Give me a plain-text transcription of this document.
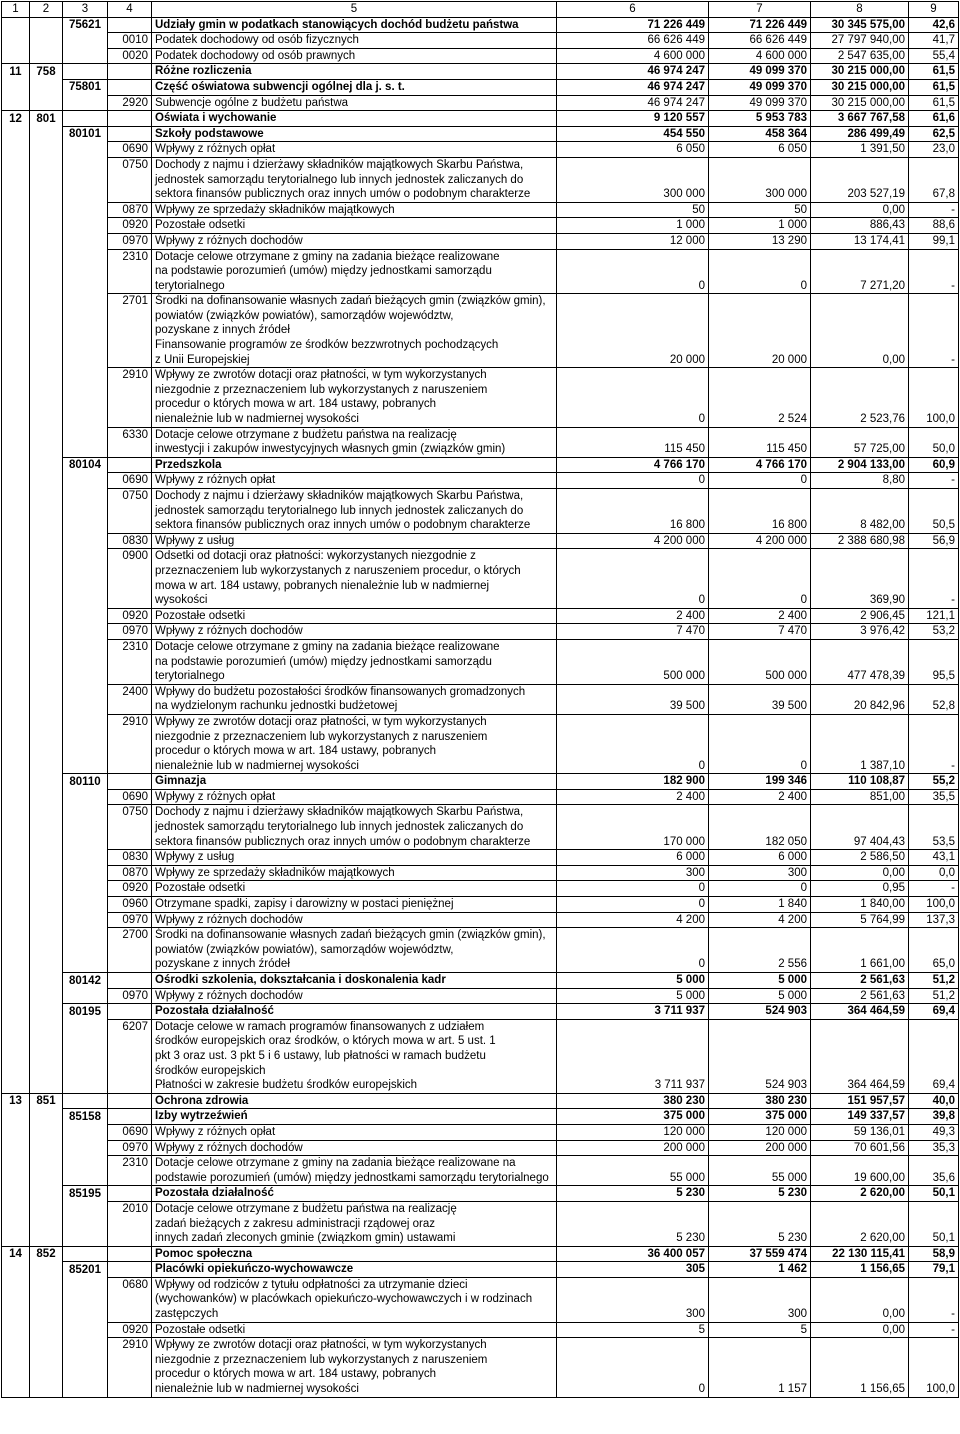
1	2	3	4	5	6	7	8	9
		75621		Udziały gmin w podatkach stanowiących dochód budżetu państwa	71 226 449	71 226 449	30 345 575,00	42,6
			0010	Podatek dochodowy od osób fizycznych	66 626 449	66 626 449	27 797 940,00	41,7
			0020	Podatek dochodowy od osób prawnych	4 600 000	4 600 000	2 547 635,00	55,4
11	758			Różne rozliczenia	46 974 247	49 099 370	30 215 000,00	61,5
		75801		Część oświatowa subwencji ogólnej dla j. s. t.	46 974 247	49 099 370	30 215 000,00	61,5
			2920	Subwencje ogólne z budżetu państwa	46 974 247	49 099 370	30 215 000,00	61,5
12	801			Oświata i wychowanie	9 120 557	5 953 783	3 667 767,58	61,6
		80101		Szkoły podstawowe	454 550	458 364	286 499,49	62,5
			0690	Wpływy z różnych opłat	6 050	6 050	1 391,50	23,0
			0750	Dochody z najmu i dzierżawy składników majątkowych Skarbu Państwa,				
				jednostek samorządu terytorialnego lub innych jednostek zaliczanych do				
				sektora finansów publicznych oraz innych umów o podobnym charakterze	300 000	300 000	203 527,19	67,8
			0870	Wpływy ze sprzedaży składników majątkowych	50	50	0,00	-
			0920	Pozostałe odsetki	1 000	1 000	886,43	88,6
			0970	Wpływy z różnych dochodów	12 000	13 290	13 174,41	99,1
			2310	Dotacje celowe otrzymane z gminy na zadania bieżące realizowane				
				na podstawie porozumień (umów) między jednostkami samorządu				
				terytorialnego	0	0	7 271,20	-
			2701	Środki na dofinansowanie własnych zadań bieżących gmin (związków gmin),				
				powiatów (związków powiatów), samorządów województw,				
				pozyskane z innych źródeł				
				Finansowanie programów ze środków bezzwrotnych pochodzących				
				z Unii Europejskiej	20 000	20 000	0,00	-
			2910	Wpływy ze zwrotów dotacji oraz płatności, w tym wykorzystanych				
				niezgodnie z przeznaczeniem lub wykorzystanych z naruszeniem				
				procedur o których mowa w art. 184 ustawy, pobranych				
				nienależnie lub w nadmiernej wysokości	0	2 524	2 523,76	100,0
			6330	Dotacje celowe otrzymane z budżetu państwa na realizację				
				inwestycji i zakupów inwestycyjnych własnych gmin (związków gmin)	115 450	115 450	57 725,00	50,0
		80104		Przedszkola	4 766 170	4 766 170	2 904 133,00	60,9
			0690	Wpływy z różnych opłat	0	0	8,80	-
			0750	Dochody z najmu i dzierżawy składników majątkowych Skarbu Państwa,				
				jednostek samorządu terytorialnego lub innych jednostek zaliczanych do				
				sektora finansów publicznych oraz innych umów o podobnym charakterze	16 800	16 800	8 482,00	50,5
			0830	Wpływy z usług	4 200 000	4 200 000	2 388 680,98	56,9
			0900	Odsetki od dotacji oraz płatności: wykorzystanych niezgodnie z				
				przeznaczeniem lub wykorzystanych z naruszeniem procedur, o których				
				mowa w art. 184 ustawy, pobranych nienależnie lub w nadmiernej				
				wysokości	0	0	369,90	-
			0920	Pozostałe odsetki	2 400	2 400	2 906,45	121,1
			0970	Wpływy z różnych dochodów	7 470	7 470	3 976,42	53,2
			2310	Dotacje celowe otrzymane z gminy na zadania bieżące realizowane				
				na podstawie porozumień (umów) między jednostkami samorządu				
				terytorialnego	500 000	500 000	477 478,39	95,5
			2400	Wpływy do budżetu pozostałości środków finansowanych gromadzonych				
				na wydzielonym rachunku jednostki budżetowej	39 500	39 500	20 842,96	52,8
			2910	Wpływy ze zwrotów dotacji oraz płatności, w tym wykorzystanych				
				niezgodnie z przeznaczeniem lub wykorzystanych z naruszeniem				
				procedur o których mowa w art. 184 ustawy, pobranych				
				nienależnie lub w nadmiernej wysokości	0	0	1 387,10	-
		80110		Gimnazja	182 900	199 346	110 108,87	55,2
			0690	Wpływy z różnych opłat	2 400	2 400	851,00	35,5
			0750	Dochody z najmu i dzierżawy składników majątkowych Skarbu Państwa,				
				jednostek samorządu terytorialnego lub innych jednostek zaliczanych do				
				sektora finansów publicznych oraz innych umów o podobnym charakterze	170 000	182 050	97 404,43	53,5
			0830	Wpływy z usług	6 000	6 000	2 586,50	43,1
			0870	Wpływy ze sprzedaży składników majątkowych	300	300	0,00	0,0
			0920	Pozostałe odsetki	0	0	0,95	-
			0960	Otrzymane spadki, zapisy i darowizny w postaci pieniężnej	0	1 840	1 840,00	100,0
			0970	Wpływy z różnych dochodów	4 200	4 200	5 764,99	137,3
			2700	Środki na dofinansowanie własnych zadań bieżących gmin (związków gmin),				
				powiatów (związków powiatów), samorządów województw,				
				pozyskane z innych źródeł	0	2 556	1 661,00	65,0
		80142		Ośrodki szkolenia, dokształcania i doskonalenia kadr	5 000	5 000	2 561,63	51,2
			0970	Wpływy z różnych dochodów	5 000	5 000	2 561,63	51,2
		80195		Pozostała działalność	3 711 937	524 903	364 464,59	69,4
			6207	Dotacje celowe w ramach programów finansowanych z udziałem				
				środków europejskich oraz środków, o których mowa w art. 5 ust. 1				
				pkt 3 oraz ust. 3 pkt 5 i 6 ustawy, lub płatności w ramach budżetu				
				środków europejskich				
				Płatności w zakresie budżetu środków europejskich	3 711 937	524 903	364 464,59	69,4
13	851			Ochrona zdrowia	380 230	380 230	151 957,57	40,0
		85158		Izby wytrzeźwień	375 000	375 000	149 337,57	39,8
			0690	Wpływy z różnych opłat	120 000	120 000	59 136,01	49,3
			0970	Wpływy z różnych dochodów	200 000	200 000	70 601,56	35,3
			2310	Dotacje celowe otrzymane z gminy na zadania bieżące realizowane na				
				podstawie porozumień (umów) między jednostkami samorządu terytorialnego	55 000	55 000	19 600,00	35,6
		85195		Pozostała działalność	5 230	5 230	2 620,00	50,1
			2010	Dotacje celowe otrzymane z budżetu państwa na realizację				
				zadań bieżących z zakresu administracji rządowej oraz				
				innych zadań zleconych gminie (związkom gmin) ustawami	5 230	5 230	2 620,00	50,1
14	852			Pomoc społeczna	36 400 057	37 559 474	22 130 115,41	58,9
		85201		Placówki opiekuńczo-wychowawcze	305	1 462	1 156,65	79,1
			0680	Wpływy od rodziców z tytułu odpłatności za utrzymanie dzieci				
				(wychowanków) w placówkach opiekuńczo-wychowawczych i w rodzinach				
				zastępczych	300	300	0,00	-
			0920	Pozostałe odsetki	5	5	0,00	-
			2910	Wpływy ze zwrotów dotacji oraz płatności, w tym wykorzystanych				
				niezgodnie z przeznaczeniem lub wykorzystanych z naruszeniem				
				procedur o których mowa w art. 184 ustawy, pobranych				
				nienależnie lub w nadmiernej wysokości	0	1 157	1 156,65	100,0
